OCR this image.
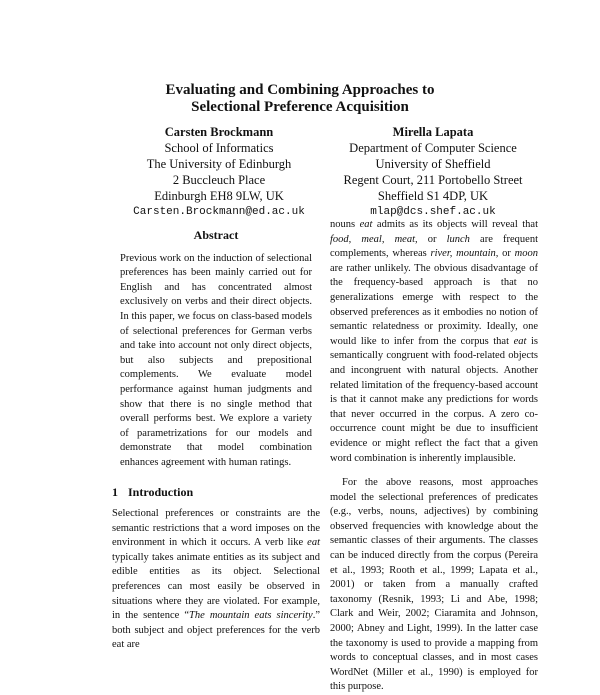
Evaluating and Combining Approaches to
Selectional Preference Acquisition
Carsten Brockmann
School of Informatics
The University of Edinburgh
2 Buccleuch Place
Edinburgh EH8 9LW, UK
Carsten.Brockmann@ed.ac.uk
Mirella Lapata
Department of Computer Science
University of Sheffield
Regent Court, 211 Portobello Street
Sheffield S1 4DP, UK
mlap@dcs.shef.ac.uk
Abstract

Previous work on the induction of selectional preferences has been mainly carried out for English and has concentrated almost exclusively on verbs and their direct objects. In this paper, we focus on class-based models of selectional preferences for German verbs and take into account not only direct objects, but also subjects and prepositional complements. We evaluate model performance against human judgments and show that there is no single method that overall performs best. We explore a variety of parametrizations for our models and demonstrate that model combination enhances agreement with human ratings.

1 Introduction

Selectional preferences or constraints are the semantic restrictions that a word imposes on the environment in which it occurs. A verb like eat typically takes animate entities as its subject and edible entities as its object. Selectional preferences can most easily be observed in situations where they are violated. For example, in the sentence “The mountain eats sincerity.” both subject and object preferences for the verb eat are

nouns eat admits as its objects will reveal that food, meal, meat, or lunch are frequent complements, whereas river, mountain, or moon are rather unlikely. The obvious disadvantage of the frequency-based approach is that no generalizations emerge with respect to the observed preferences as it embodies no notion of semantic relatedness or proximity. Ideally, one would like to infer from the corpus that eat is semantically congruent with food-related objects and incongruent with natural objects. Another related limitation of the frequency-based account is that it cannot make any predictions for words that never occurred in the corpus. A zero co-occurrence count might be due to insufficient evidence or might reflect the fact that a given word combination is inherently implausible.

For the above reasons, most approaches model the selectional preferences of predicates (e.g., verbs, nouns, adjectives) by combining observed frequencies with knowledge about the semantic classes of their arguments. The classes can be induced directly from the corpus (Pereira et al., 1993; Rooth et al., 1999; Lapata et al., 2001) or taken from a manually crafted taxonomy (Resnik, 1993; Li and Abe, 1998; Clark and Weir, 2002; Ciaramita and Johnson, 2000; Abney and Light, 1999). In the latter case the taxonomy is used to provide a mapping from words to conceptual classes, and in most cases WordNet (Miller et al., 1990) is employed for this purpose.
